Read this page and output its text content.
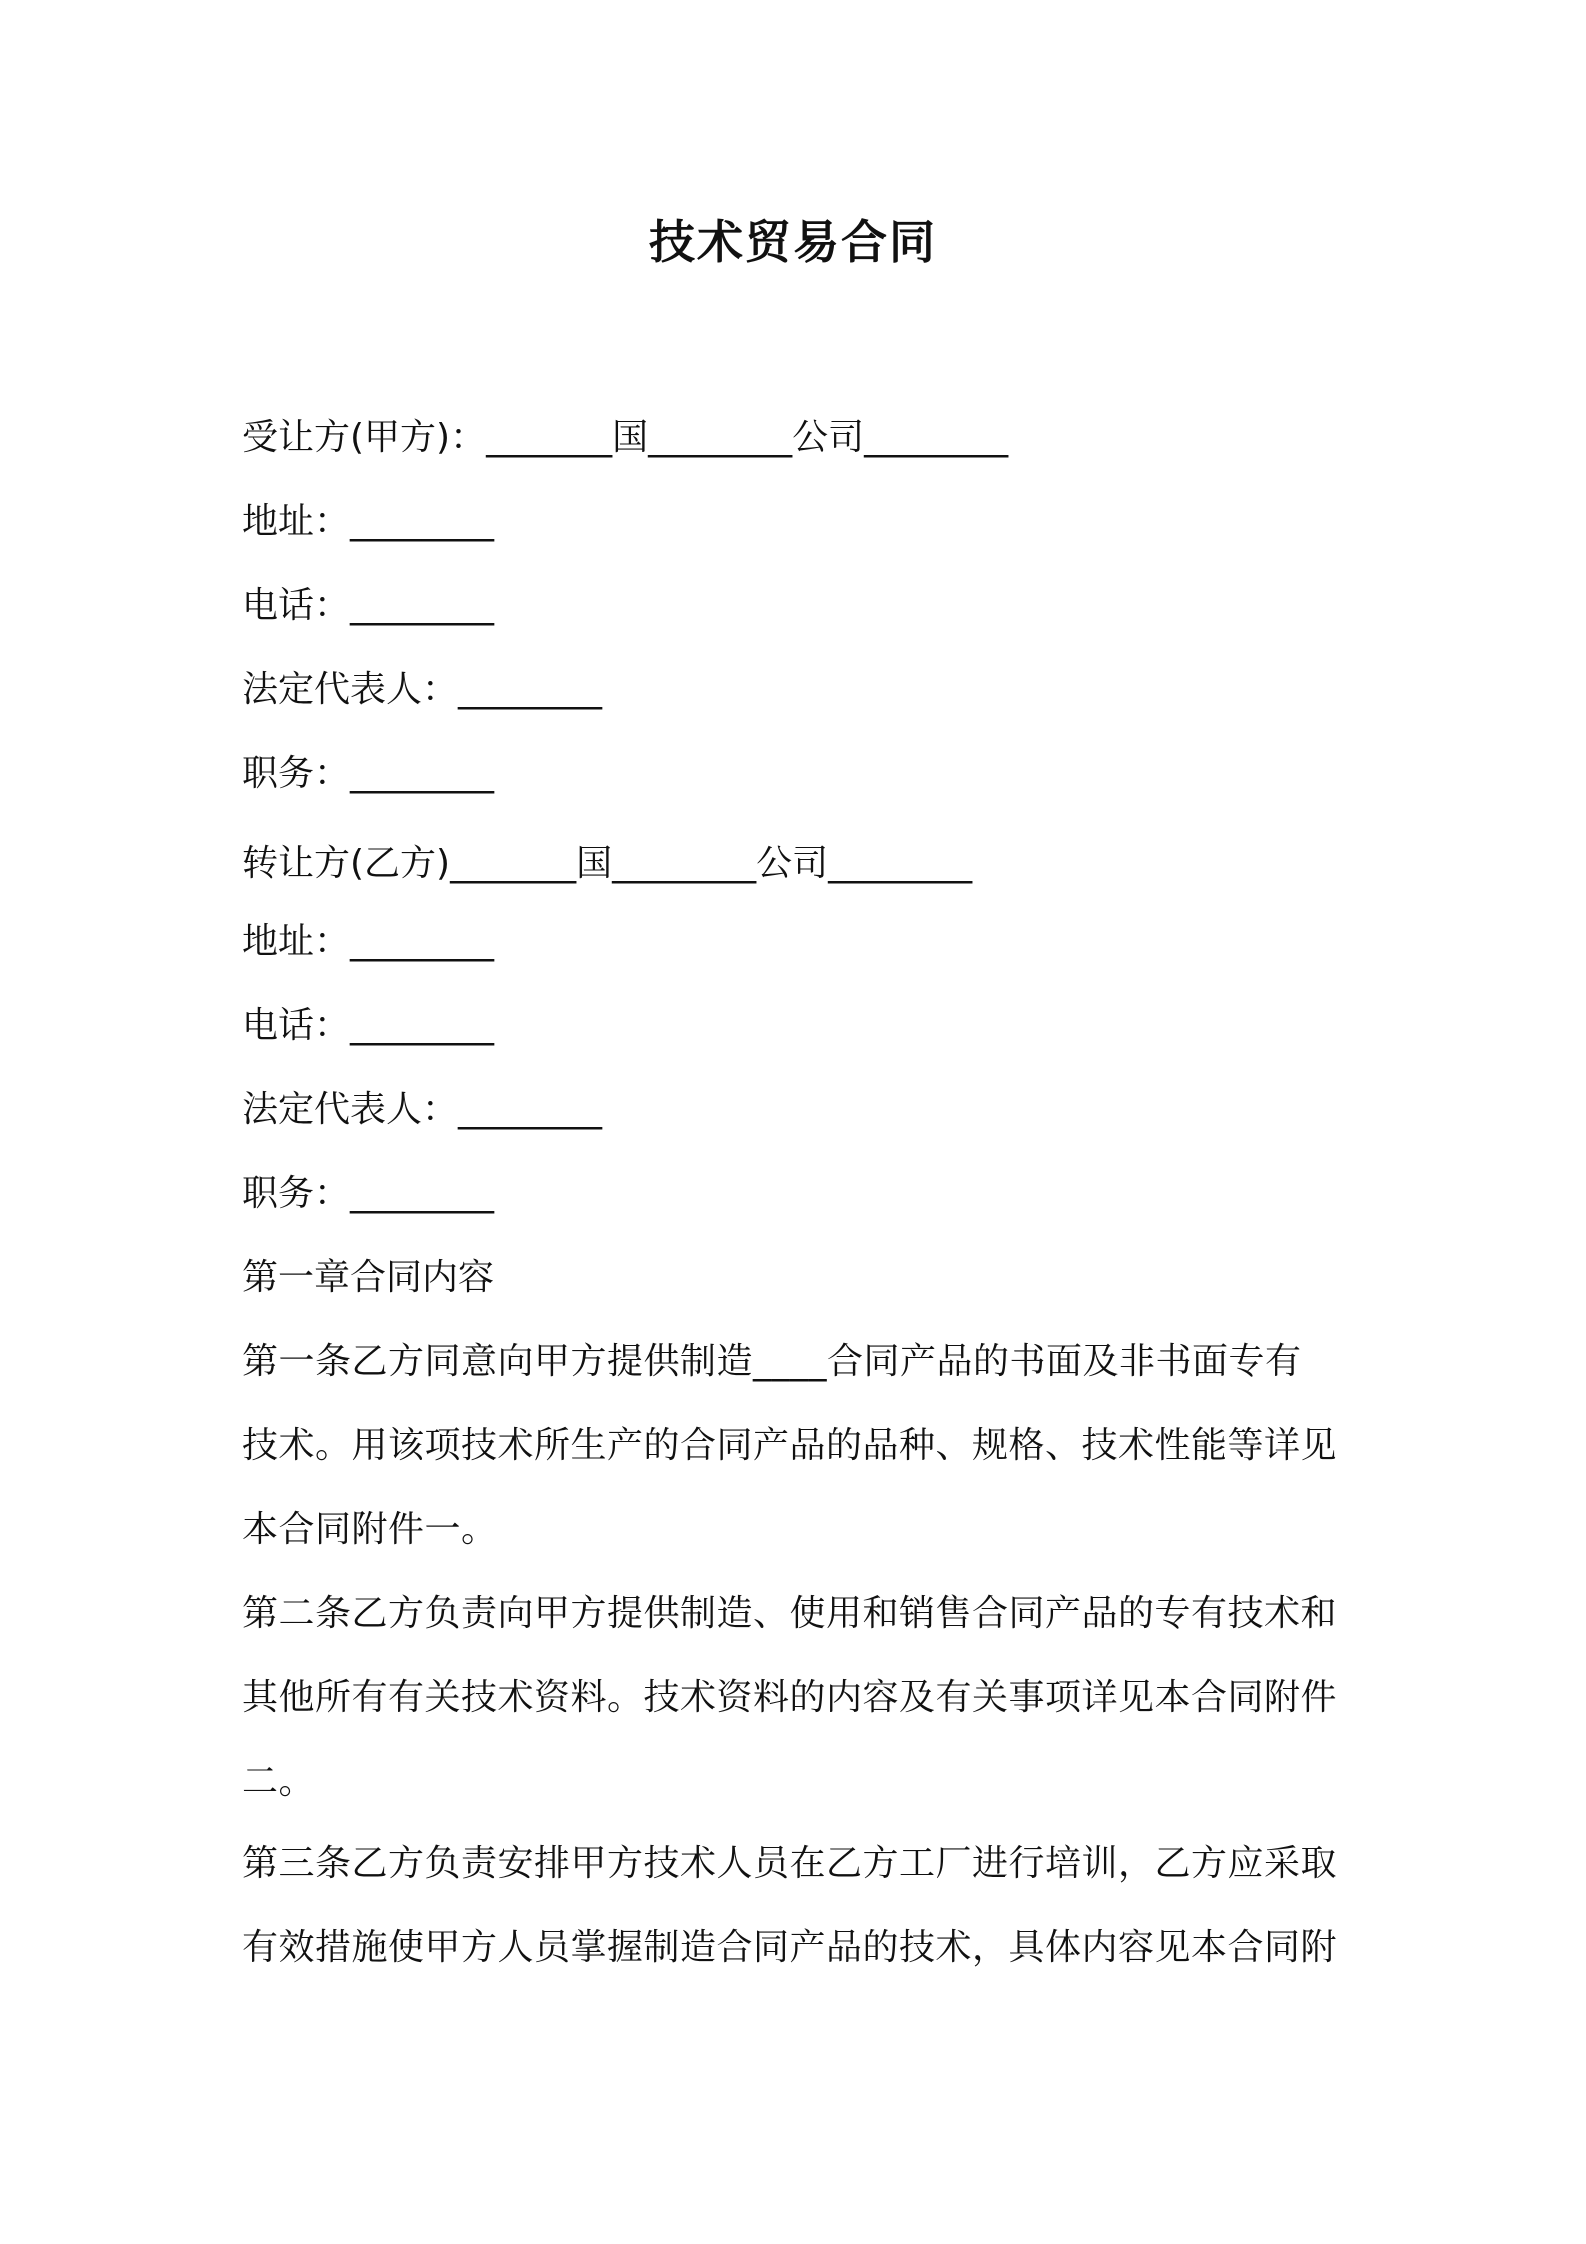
技术贸易合同
受让方(甲方)：_______国________公司________
地址：________
电话：________
法定代表人：________
职务：________
转让方(乙方)_______国________公司________
地址：________
电话：________
法定代表人：________
职务：________
第一章合同内容
第一条乙方同意向甲方提供制造____合同产品的书面及非书面专有
技术。用该项技术所生产的合同产品的品种、规格、技术性能等详见
本合同附件一。
第二条乙方负责向甲方提供制造、使用和销售合同产品的专有技术和
其他所有有关技术资料。技术资料的内容及有关事项详见本合同附件
二。
第三条乙方负责安排甲方技术人员在乙方工厂进行培训，乙方应采取
有效措施使甲方人员掌握制造合同产品的技术，具体内容见本合同附
